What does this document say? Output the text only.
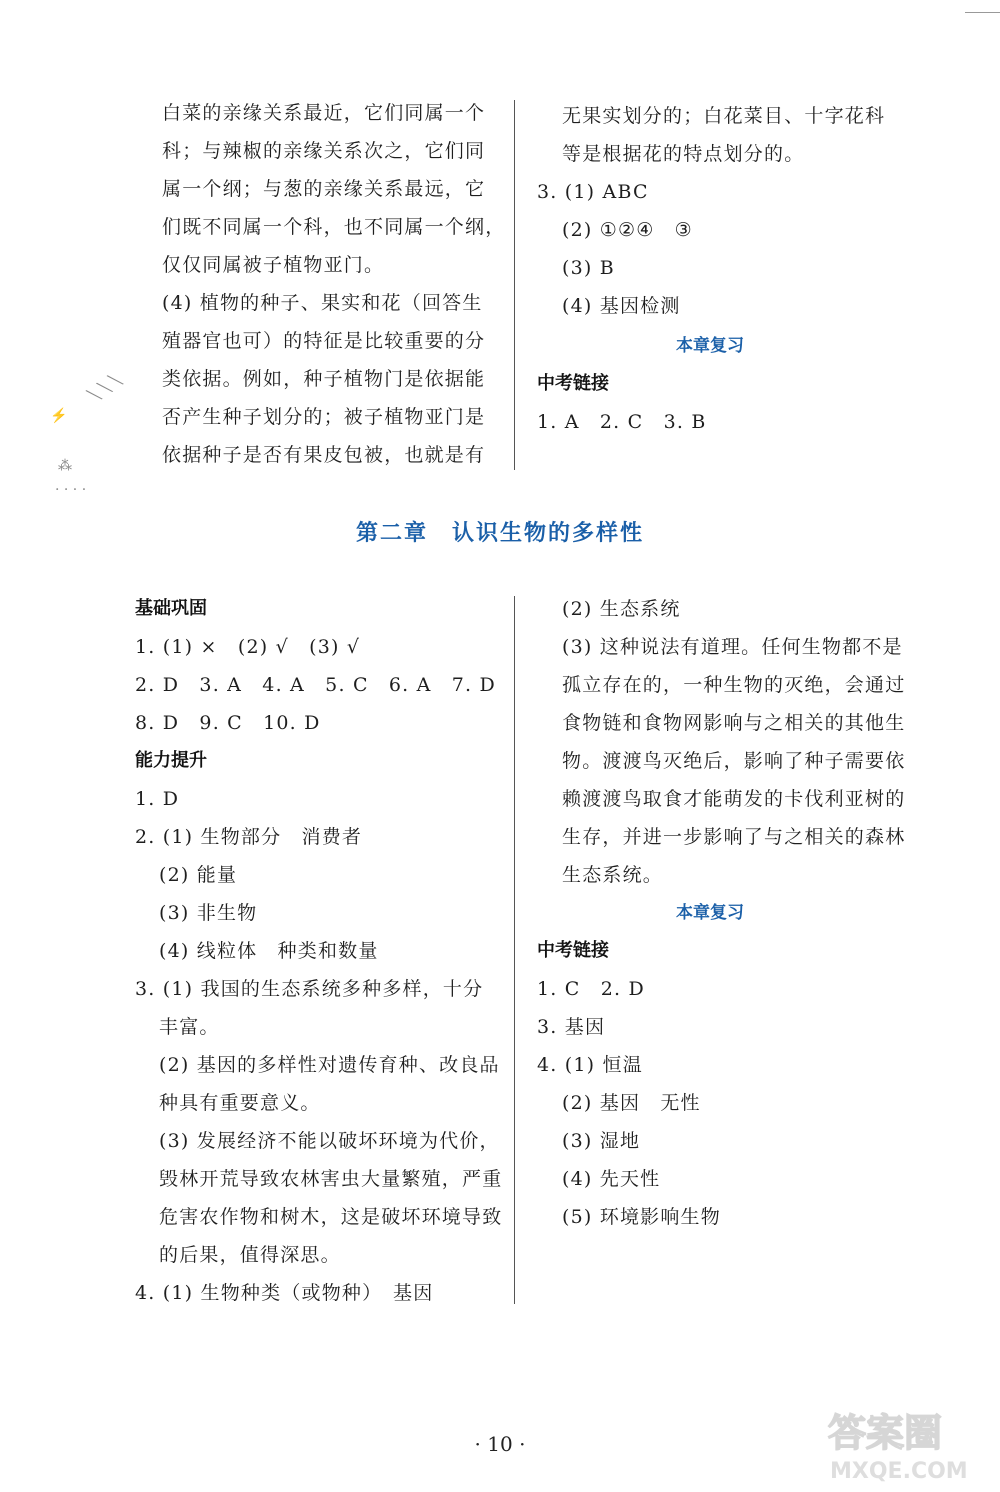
白菜的亲缘关系最近，它们同属一个
科；与辣椒的亲缘关系次之，它们同
属一个纲；与葱的亲缘关系最远，它
们既不同属一个科，也不同属一个纲，
仅仅同属被子植物亚门。
(4) 植物的种子、果实和花（回答生
殖器官也可）的特征是比较重要的分
类依据。例如，种子植物门是依据能
否产生种子划分的；被子植物亚门是
依据种子是否有果皮包被，也就是有
无果实划分的；白花菜目、十字花科
等是根据花的特点划分的。
3. (1) ABC
(2) ①②④　③
(3) B
(4) 基因检测
本章复习
中考链接
1. A　2. C　3. B
╲ ╲ ╲
⚡
⁂
· · · ·
第二章　认识生物的多样性
基础巩固
1. (1) ×　(2) √　(3) √
2. D　3. A　4. A　5. C　6. A　7. D
8. D　9. C　10. D
能力提升
1. D
2. (1) 生物部分　消费者
(2) 能量
(3) 非生物
(4) 线粒体　种类和数量
3. (1) 我国的生态系统多种多样，十分
丰富。
(2) 基因的多样性对遗传育种、改良品
种具有重要意义。
(3) 发展经济不能以破坏环境为代价，
毁林开荒导致农林害虫大量繁殖，严重
危害农作物和树木，这是破坏环境导致
的后果，值得深思。
4. (1) 生物种类（或物种）　基因
(2) 生态系统
(3) 这种说法有道理。任何生物都不是
孤立存在的，一种生物的灭绝，会通过
食物链和食物网影响与之相关的其他生
物。渡渡鸟灭绝后，影响了种子需要依
赖渡渡鸟取食才能萌发的卡伐利亚树的
生存，并进一步影响了与之相关的森林
生态系统。
本章复习
中考链接
1. C　2. D
3. 基因
4. (1) 恒温
(2) 基因　无性
(3) 湿地
(4) 先天性
(5) 环境影响生物
· 10 ·	答案圈
MXQE.COM
